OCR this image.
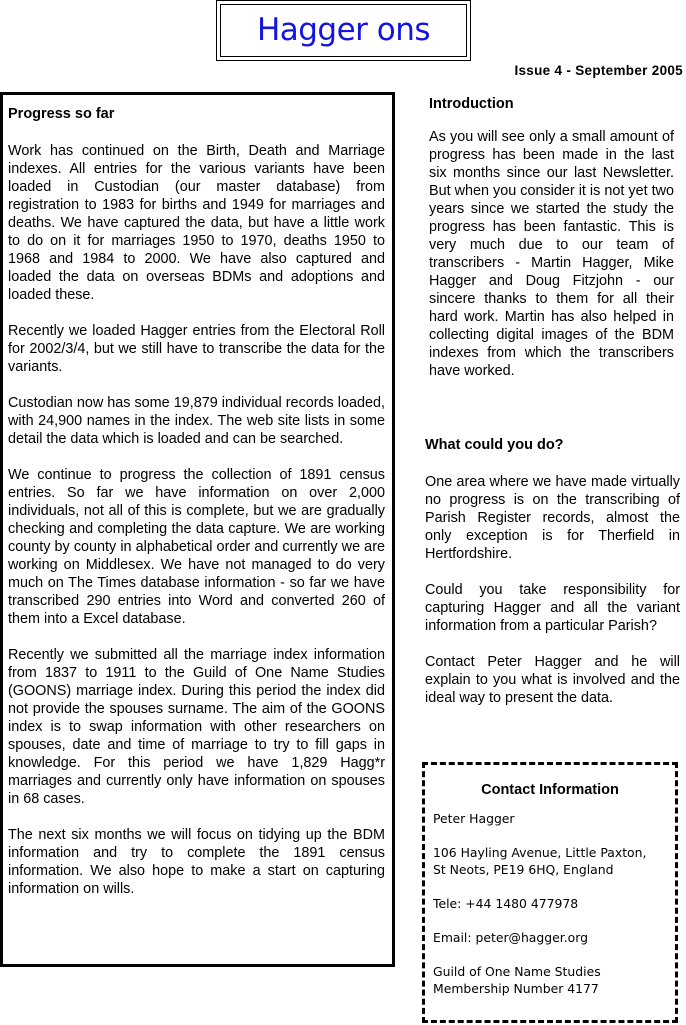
Hagger ons
Issue 4 - September 2005
Progress so far

Work has continued on the Birth, Death and Marriage indexes. All entries for the various variants have been loaded in Custodian (our master database) from registration to 1983 for births and 1949 for marriages and deaths. We have captured the data, but have a little work to do on it for marriages 1950 to 1970, deaths 1950 to 1968 and 1984 to 2000. We have also captured and loaded the data on overseas BDMs and adoptions and loaded these.

Recently we loaded Hagger entries from the Electoral Roll for 2002/3/4, but we still have to transcribe the data for the variants.

Custodian now has some 19,879 individual records loaded, with 24,900 names in the index. The web site lists in some detail the data which is loaded and can be searched.

We continue to progress the collection of 1891 census entries. So far we have information on over 2,000 individuals, not all of this is complete, but we are gradually checking and completing the data capture. We are working county by county in alphabetical order and currently we are working on Middlesex. We have not managed to do very much on The Times database information - so far we have transcribed 290 entries into Word and converted 260 of them into a Excel database.

Recently we submitted all the marriage index information from 1837 to 1911 to the Guild of One Name Studies (GOONS) marriage index. During this period the index did not provide the spouses surname. The aim of the GOONS index is to swap information with other researchers on spouses, date and time of marriage to try to fill gaps in knowledge. For this period we have 1,829 Hagg*r marriages and currently only have information on spouses in 68 cases.

The next six months we will focus on tidying up the BDM information and try to complete the 1891 census information. We also hope to make a start on capturing information on wills.

Introduction

As you will see only a small amount of progress has been made in the last six months since our last Newsletter. But when you consider it is not yet two years since we started the study the progress has been fantastic. This is very much due to our team of transcribers - Martin Hagger, Mike Hagger and Doug Fitzjohn - our sincere thanks to them for all their hard work. Martin has also helped in collecting digital images of the BDM indexes from which the transcribers have worked.

What could you do?

One area where we have made virtually no progress is on the transcribing of Parish Register records, almost the only exception is for Therfield in Hertfordshire.

Could you take responsibility for capturing Hagger and all the variant information from a particular Parish?

Contact Peter Hagger and he will explain to you what is involved and the ideal way to present the data.

Contact Information
Peter Hagger
106 Hayling Avenue, Little Paxton,
St Neots, PE19 6HQ, England
Tele: +44 1480 477978
Email: peter@hagger.org
Guild of One Name Studies
Membership Number 4177
